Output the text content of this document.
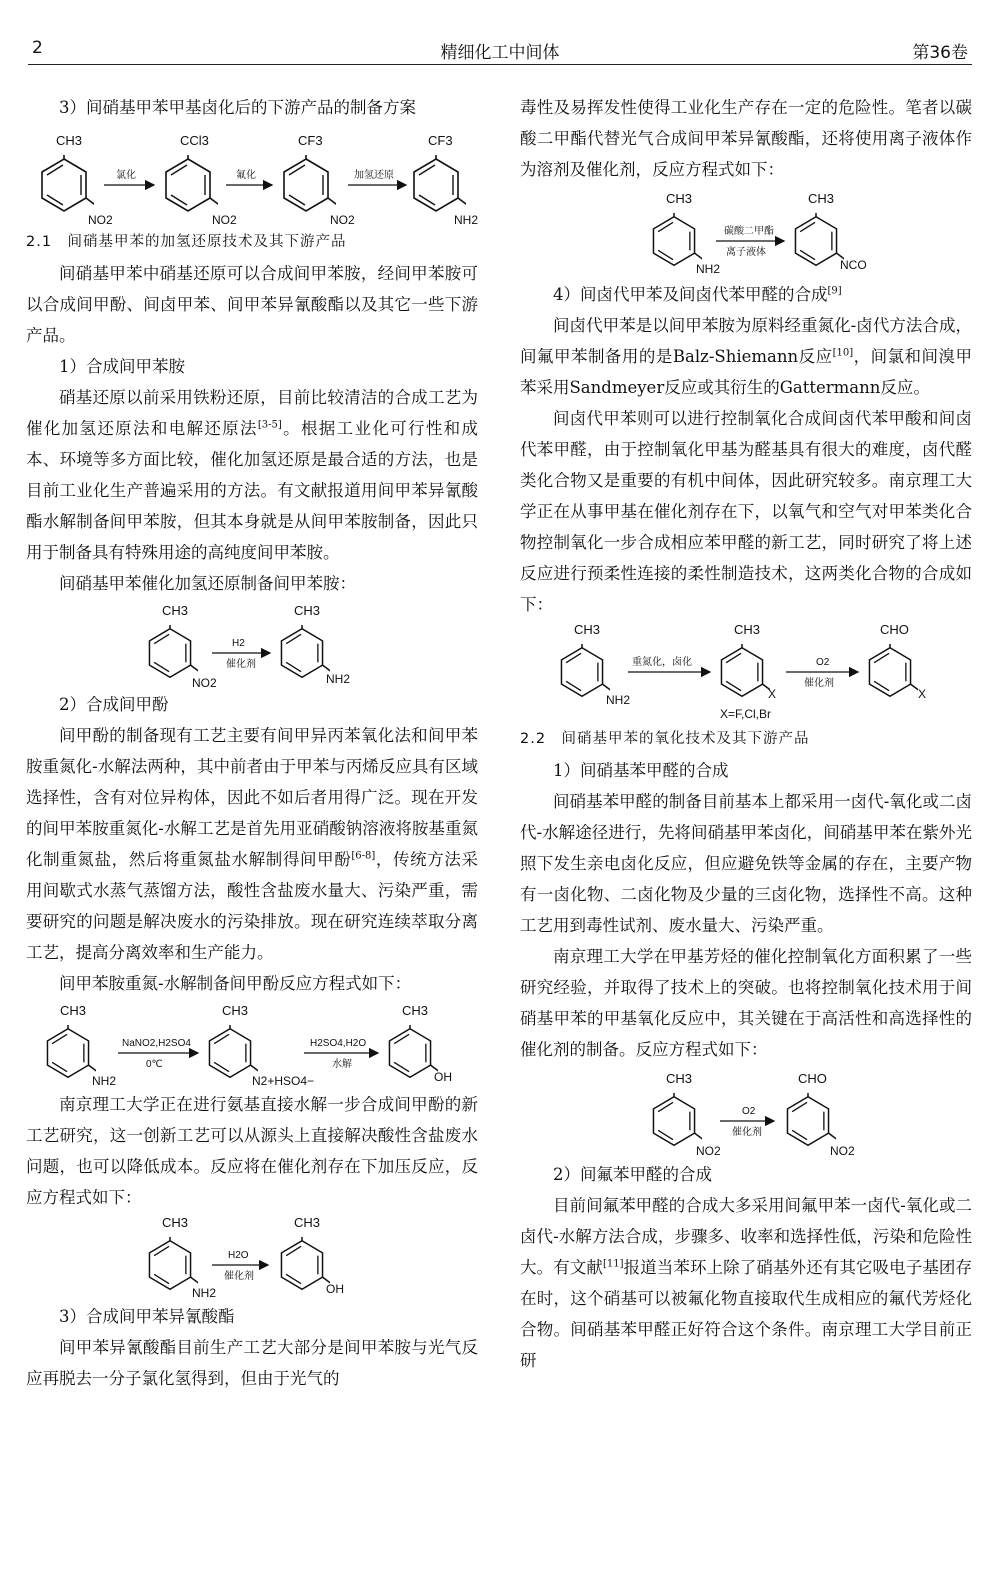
2	精细化工中间体	第36卷

3）间硝基甲苯甲基卤化后的下游产品的制备方案

CH3
NO2
氯化
CCl3
NO2
氟化
CF3
NO2
加氢还原
CF3
NH2

2.1　间硝基甲苯的加氢还原技术及其下游产品

间硝基甲苯中硝基还原可以合成间甲苯胺，经间甲苯胺可以合成间甲酚、间卤甲苯、间甲苯异氰酸酯以及其它一些下游产品。

1）合成间甲苯胺

硝基还原以前采用铁粉还原，目前比较清洁的合成工艺为催化加氢还原法和电解还原法[3-5]。根据工业化可行性和成本、环境等多方面比较，催化加氢还原是最合适的方法，也是目前工业化生产普遍采用的方法。有文献报道用间甲苯异氰酸酯水解制备间甲苯胺，但其本身就是从间甲苯胺制备，因此只用于制备具有特殊用途的高纯度间甲苯胺。

间硝基甲苯催化加氢还原制备间甲苯胺：

CH3
NO2
H2
催化剂
CH3
NH2

2）合成间甲酚

间甲酚的制备现有工艺主要有间甲异丙苯氧化法和间甲苯胺重氮化-水解法两种，其中前者由于甲苯与丙烯反应具有区域选择性，含有对位异构体，因此不如后者用得广泛。现在开发的间甲苯胺重氮化-水解工艺是首先用亚硝酸钠溶液将胺基重氮化制重氮盐，然后将重氮盐水解制得间甲酚[6-8]，传统方法采用间歇式水蒸气蒸馏方法，酸性含盐废水量大、污染严重，需要研究的问题是解决废水的污染排放。现在研究连续萃取分离工艺，提高分离效率和生产能力。

间甲苯胺重氮-水解制备间甲酚反应方程式如下：

CH3
NH2
NaNO2,H2SO4
0℃
CH3
N2+HSO4−
H2SO4,H2O
水解
CH3
OH

南京理工大学正在进行氨基直接水解一步合成间甲酚的新工艺研究，这一创新工艺可以从源头上直接解决酸性含盐废水问题，也可以降低成本。反应将在催化剂存在下加压反应，反应方程式如下：

CH3
NH2
H2O
催化剂
CH3
OH

3）合成间甲苯异氰酸酯

间甲苯异氰酸酯目前生产工艺大部分是间甲苯胺与光气反应再脱去一分子氯化氢得到，但由于光气的

毒性及易挥发性使得工业化生产存在一定的危险性。笔者以碳酸二甲酯代替光气合成间甲苯异氰酸酯，还将使用离子液体作为溶剂及催化剂，反应方程式如下：

CH3
NH2
碳酸二甲酯
离子液体
CH3
NCO

4）间卤代甲苯及间卤代苯甲醛的合成[9]

间卤代甲苯是以间甲苯胺为原料经重氮化-卤代方法合成，间氟甲苯制备用的是Balz-Shiemann反应[10]，间氯和间溴甲苯采用Sandmeyer反应或其衍生的Gattermann反应。

间卤代甲苯则可以进行控制氧化合成间卤代苯甲酸和间卤代苯甲醛，由于控制氧化甲基为醛基具有很大的难度，卤代醛类化合物又是重要的有机中间体，因此研究较多。南京理工大学正在从事甲基在催化剂存在下，以氧气和空气对甲苯类化合物控制氧化一步合成相应苯甲醛的新工艺，同时研究了将上述反应进行预柔性连接的柔性制造技术，这两类化合物的合成如下：

CH3
NH2
重氮化，卤化
CH3
X
O2
催化剂
CHO
X
X=F,Cl,Br

2.2　间硝基甲苯的氧化技术及其下游产品

1）间硝基苯甲醛的合成

间硝基苯甲醛的制备目前基本上都采用一卤代-氧化或二卤代-水解途径进行，先将间硝基甲苯卤化，间硝基甲苯在紫外光照下发生亲电卤化反应，但应避免铁等金属的存在，主要产物有一卤化物、二卤化物及少量的三卤化物，选择性不高。这种工艺用到毒性试剂、废水量大、污染严重。

南京理工大学在甲基芳烃的催化控制氧化方面积累了一些研究经验，并取得了技术上的突破。也将控制氧化技术用于间硝基甲苯的甲基氧化反应中，其关键在于高活性和高选择性的催化剂的制备。反应方程式如下：

CH3
NO2
O2
催化剂
CHO
NO2

2）间氟苯甲醛的合成

目前间氟苯甲醛的合成大多采用间氟甲苯一卤代-氧化或二卤代-水解方法合成，步骤多、收率和选择性低，污染和危险性大。有文献[11]报道当苯环上除了硝基外还有其它吸电子基团存在时，这个硝基可以被氟化物直接取代生成相应的氟代芳烃化合物。间硝基苯甲醛正好符合这个条件。南京理工大学目前正研
